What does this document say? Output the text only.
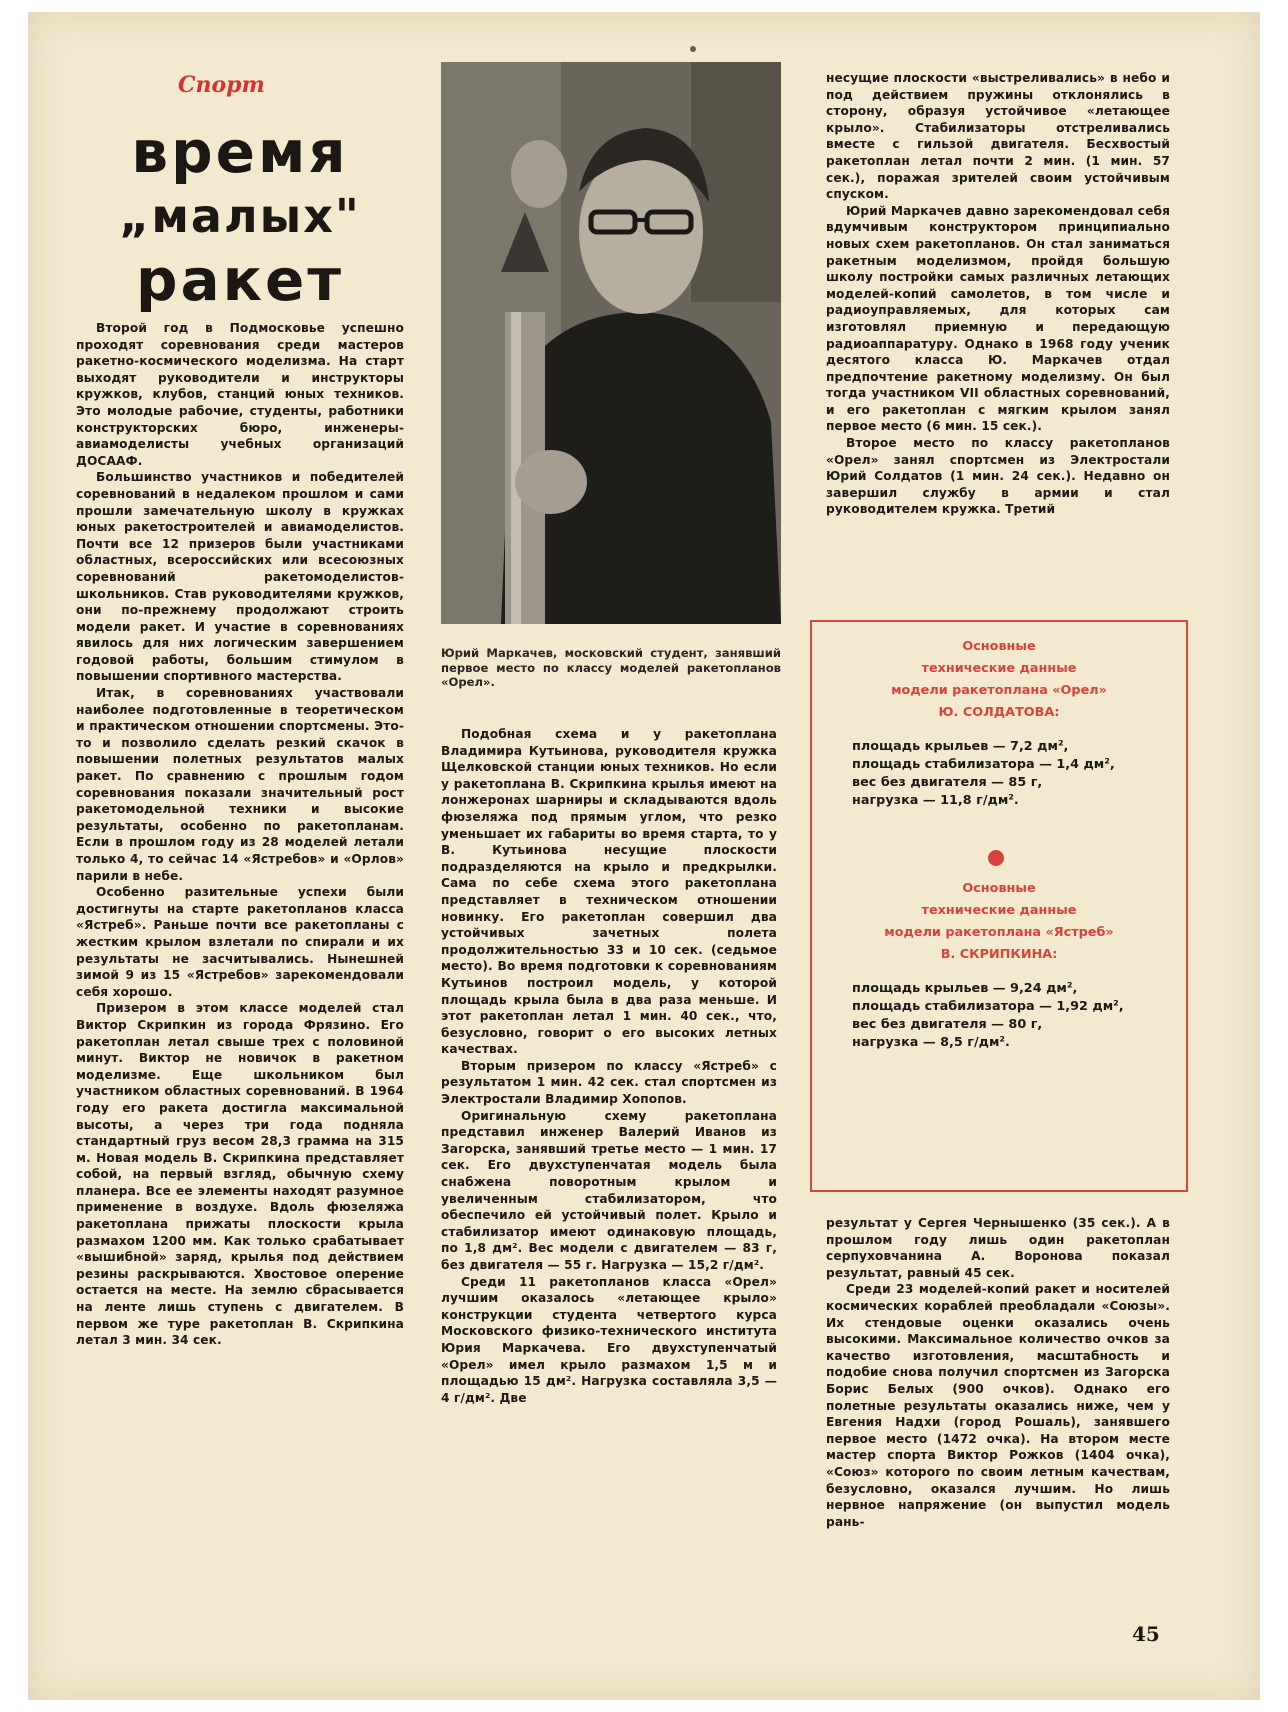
Спорт
время
„малых"
ракет

Второй год в Подмосковье успешно проходят соревнования среди мастеров ракетно-космического моделизма. На старт выходят руководители и инструкторы кружков, клубов, станций юных техников. Это молодые рабочие, студенты, работники конструкторских бюро, инженеры-авиамоделисты учебных организаций ДОСААФ.

Большинство участников и победителей соревнований в недалеком прошлом и сами прошли замечательную школу в кружках юных ракетостроителей и авиамоделистов. Почти все 12 призеров были участниками областных, всероссийских или всесоюзных соревнований ракетомоделистов-школьников. Став руководителями кружков, они по-прежнему продолжают строить модели ракет. И участие в соревнованиях явилось для них логическим завершением годовой работы, большим стимулом в повышении спортивного мастерства.

Итак, в соревнованиях участвовали наиболее подготовленные в теоретическом и практическом отношении спортсмены. Это-то и позволило сделать резкий скачок в повышении полетных результатов малых ракет. По сравнению с прошлым годом соревнования показали значительный рост ракетомодельной техники и высокие результаты, особенно по ракетопланам. Если в прошлом году из 28 моделей летали только 4, то сейчас 14 «Ястребов» и «Орлов» парили в небе.

Особенно разительные успехи были достигнуты на старте ракетопланов класса «Ястреб». Раньше почти все ракетопланы с жестким крылом взлетали по спирали и их результаты не засчитывались. Нынешней зимой 9 из 15 «Ястребов» зарекомендовали себя хорошо.

Призером в этом классе моделей стал Виктор Скрипкин из города Фрязино. Его ракетоплан летал свыше трех с половиной минут. Виктор не новичок в ракетном моделизме. Еще школьником был участником областных соревнований. В 1964 году его ракета достигла максимальной высоты, а через три года подняла стандартный груз весом 28,3 грамма на 315 м. Новая модель В. Скрипкина представляет собой, на первый взгляд, обычную схему планера. Все ее элементы находят разумное применение в воздухе. Вдоль фюзеляжа ракетоплана прижаты плоскости крыла размахом 1200 мм. Как только срабатывает «вышибной» заряд, крылья под действием резины раскрываются. Хвостовое оперение остается на месте. На землю сбрасывается на ленте лишь ступень с двигателем. В первом же туре ракетоплан В. Скрипкина летал 3 мин. 34 сек.

Юрий Маркачев, московский студент, занявший первое место по классу моделей ракетопланов «Орел».

Подобная схема и у ракетоплана Владимира Кутьинова, руководителя кружка Щелковской станции юных техников. Но если у ракетоплана В. Скрипкина крылья имеют на лонжеронах шарниры и складываются вдоль фюзеляжа под прямым углом, что резко уменьшает их габариты во время старта, то у В. Кутьинова несущие плоскости подразделяются на крыло и предкрылки. Сама по себе схема этого ракетоплана представляет в техническом отношении новинку. Его ракетоплан совершил два устойчивых зачетных полета продолжительностью 33 и 10 сек. (седьмое место). Во время подготовки к соревнованиям Кутьинов построил модель, у которой площадь крыла была в два раза меньше. И этот ракетоплан летал 1 мин. 40 сек., что, безусловно, говорит о его высоких летных качествах.

Вторым призером по классу «Ястреб» с результатом 1 мин. 42 сек. стал спортсмен из Электростали Владимир Хопопов.

Оригинальную схему ракетоплана представил инженер Валерий Иванов из Загорска, занявший третье место — 1 мин. 17 сек. Его двухступенчатая модель была снабжена поворотным крылом и увеличенным стабилизатором, что обеспечило ей устойчивый полет. Крыло и стабилизатор имеют одинаковую площадь, по 1,8 дм². Вес модели с двигателем — 83 г, без двигателя — 55 г. Нагрузка — 15,2 г/дм².

Среди 11 ракетопланов класса «Орел» лучшим оказалось «летающее крыло» конструкции студента четвертого курса Московского физико-технического института Юрия Маркачева. Его двухступенчатый «Орел» имел крыло размахом 1,5 м и площадью 15 дм². Нагрузка составляла 3,5 — 4 г/дм². Две

несущие плоскости «выстреливались» в небо и под действием пружины отклонялись в сторону, образуя устойчивое «летающее крыло». Стабилизаторы отстреливались вместе с гильзой двигателя. Бесхвостый ракетоплан летал почти 2 мин. (1 мин. 57 сек.), поражая зрителей своим устойчивым спуском.

Юрий Маркачев давно зарекомендовал себя вдумчивым конструктором принципиально новых схем ракетопланов. Он стал заниматься ракетным моделизмом, пройдя большую школу постройки самых различных летающих моделей-копий самолетов, в том числе и радиоуправляемых, для которых сам изготовлял приемную и передающую радиоаппаратуру. Однако в 1968 году ученик десятого класса Ю. Маркачев отдал предпочтение ракетному моделизму. Он был тогда участником VII областных соревнований, и его ракетоплан с мягким крылом занял первое место (6 мин. 15 сек.).

Второе место по классу ракетопланов «Орел» занял спортсмен из Электростали Юрий Солдатов (1 мин. 24 сек.). Недавно он завершил службу в армии и стал руководителем кружка. Третий

Основные
технические данные
модели ракетоплана «Орел»
Ю. СОЛДАТОВА:
площадь крыльев — 7,2 дм²,
площадь стабилизатора — 1,4 дм²,
вес без двигателя — 85 г,
нагрузка — 11,8 г/дм².
Основные
технические данные
модели ракетоплана «Ястреб»
В. СКРИПКИНА:
площадь крыльев — 9,24 дм²,
площадь стабилизатора — 1,92 дм²,
вес без двигателя — 80 г,
нагрузка — 8,5 г/дм².

результат у Сергея Чернышенко (35 сек.). А в прошлом году лишь один ракетоплан серпуховчанина А. Воронова показал результат, равный 45 сек.

Среди 23 моделей-копий ракет и носителей космических кораблей преобладали «Союзы». Их стендовые оценки оказались очень высокими. Максимальное количество очков за качество изготовления, масштабность и подобие снова получил спортсмен из Загорска Борис Белых (900 очков). Однако его полетные результаты оказались ниже, чем у Евгения Надхи (город Рошаль), занявшего первое место (1472 очка). На втором месте мастер спорта Виктор Рожков (1404 очка), «Союз» которого по своим летным качествам, безусловно, оказался лучшим. Но лишь нервное напряжение (он выпустил модель рань-

45
